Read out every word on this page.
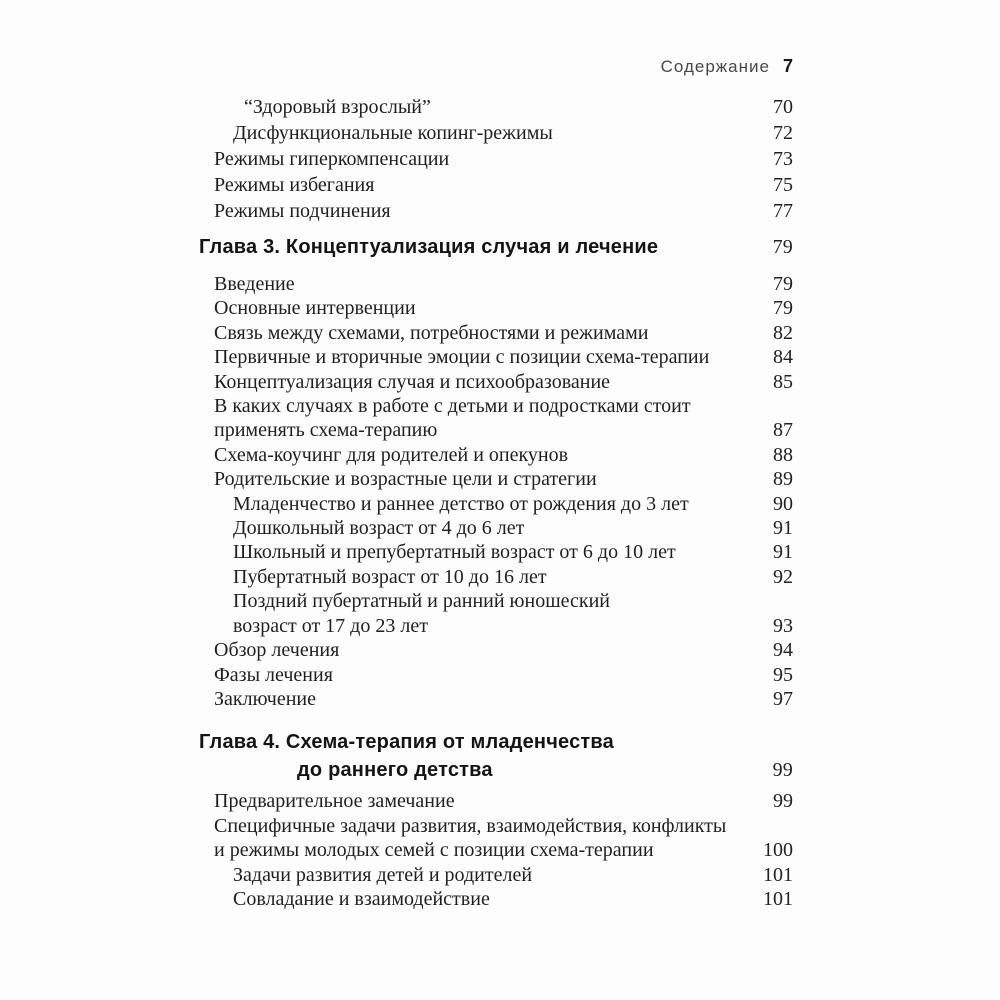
Содержание 7
“Здоровый взрослый”	70
Дисфункциональные копинг-режимы	72
Режимы гиперкомпенсации	73
Режимы избегания	75
Режимы подчинения	77
Глава 3. Концептуализация случая и лечение	79
Введение	79
Основные интервенции	79
Связь между схемами, потребностями и режимами	82
Первичные и вторичные эмоции с позиции схема-терапии	84
Концептуализация случая и психообразование	85
В каких случаях в работе с детьми и подростками стоит
применять схема-терапию	87
Схема-коучинг для родителей и опекунов	88
Родительские и возрастные цели и стратегии	89
Младенчество и раннее детство от рождения до 3 лет	90
Дошкольный возраст от 4 до 6 лет	91
Школьный и препубертатный возраст от 6 до 10 лет	91
Пубертатный возраст от 10 до 16 лет	92
Поздний пубертатный и ранний юношеский
возраст от 17 до 23 лет	93
Обзор лечения	94
Фазы лечения	95
Заключение	97
Глава 4. Схема-терапия от младенчества
до раннего детства	99
Предварительное замечание	99
Специфичные задачи развития, взаимодействия, конфликты
и режимы молодых семей с позиции схема-терапии	100
Задачи развития детей и родителей	101
Совладание и взаимодействие	101
